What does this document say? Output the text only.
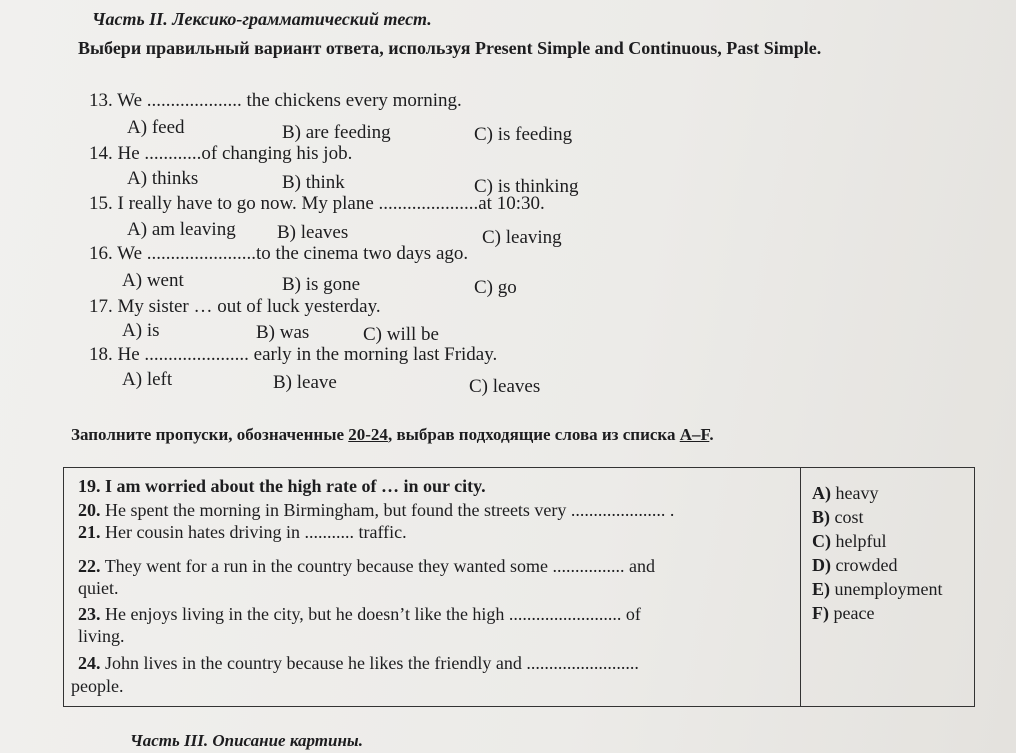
Часть II. Лексико-грамматический тест.
Выбери правильный вариант ответа, используя Present Simple and Continuous, Past Simple.
13. We .................... the chickens every morning.
A) feed	B) are feeding	C) is feeding
14. He ............of changing his job.
A) thinks	B) think	C) is thinking
15. I really have to go now. My plane .....................at 10:30.
A) am leaving B) leaves	C) leaving
16. We .......................to the cinema two days ago.
A) went	B) is gone	C) go
17. My sister … out of luck yesterday.
A) is	B) was	C) will be
18. He ...................... early in the morning last Friday.
A) left	B) leave	C) leaves
Заполните пропуски, обозначенные 20-24, выбрав подходящие слова из списка A–F.
19. I am worried about the high rate of … in our city.
20. He spent the morning in Birmingham, but found the streets very ..................... .
21. Her cousin hates driving in ........... traffic.
22. They went for a run in the country because they wanted some ................ and
quiet.
23. He enjoys living in the city, but he doesn’t like the high ......................... of
living.
24. John lives in the country because he likes the friendly and .........................
people.
A) heavy
B) cost
C) helpful
D) crowded
E) unemployment
F) peace
Часть III. Описание картины.
